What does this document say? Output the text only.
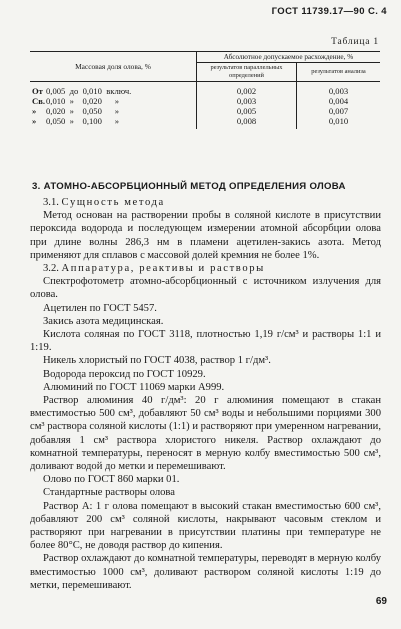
ГОСТ 11739.17—90 С. 4
Таблица 1
Массовая доля олова, %	Абсолютное допускаемое расхождение, %	
	результатов параллельных определений	результатов анализа
От 0,005  до  0,010  включ.	0,002	0,003
Св.0,010  »    0,020      »	0,003	0,004
» 0,020  »    0,050      »	0,005	0,007
» 0,050  »    0,100      »	0,008	0,010
3. АТОМНО-АБСОРБЦИОННЫЙ МЕТОД ОПРЕДЕЛЕНИЯ ОЛОВА

3.1. Сущность метода

Метод основан на растворении пробы в соляной кислоте в присутствии пероксида водорода и последующем измерении атомной абсорбции олова при длине волны 286,3 нм в пламени ацетилен-закись азота. Метод применяют для сплавов с массовой долей кремния не более 1%.

3.2. Аппаратура, реактивы и растворы

Спектрофотометр атомно-абсорбционный с источником излучения для олова.

Ацетилен по ГОСТ 5457.

Закись азота медицинская.

Кислота соляная по ГОСТ 3118, плотностью 1,19 г/см³ и растворы 1:1 и 1:19.

Никель хлористый по ГОСТ 4038, раствор 1 г/дм³.

Водорода пероксид по ГОСТ 10929.

Алюминий по ГОСТ 11069 марки А999.

Раствор алюминия 40 г/дм³: 20 г алюминия помещают в стакан вместимостью 500 см³, добавляют 50 см³ воды и небольшими порциями 300 см³ раствора соляной кислоты (1:1) и растворяют при умеренном нагревании, добавляя 1 см³ раствора хлористого никеля. Раствор охлаждают до комнатной температуры, переносят в мерную колбу вместимостью 500 см³, доливают водой до метки и перемешивают.

Олово по ГОСТ 860 марки 01.

Стандартные растворы олова

Раствор А: 1 г олова помещают в высокий стакан вместимостью 600 см³, добавляют 200 см³ соляной кислоты, накрывают часовым стеклом и растворяют при нагревании в присутствии платины при температуре не более 80°С, не доводя раствор до кипения.

Раствор охлаждают до комнатной температуры, переводят в мерную колбу вместимостью 1000 см³, доливают раствором соляной кислоты 1:19 до метки, перемешивают.

69
